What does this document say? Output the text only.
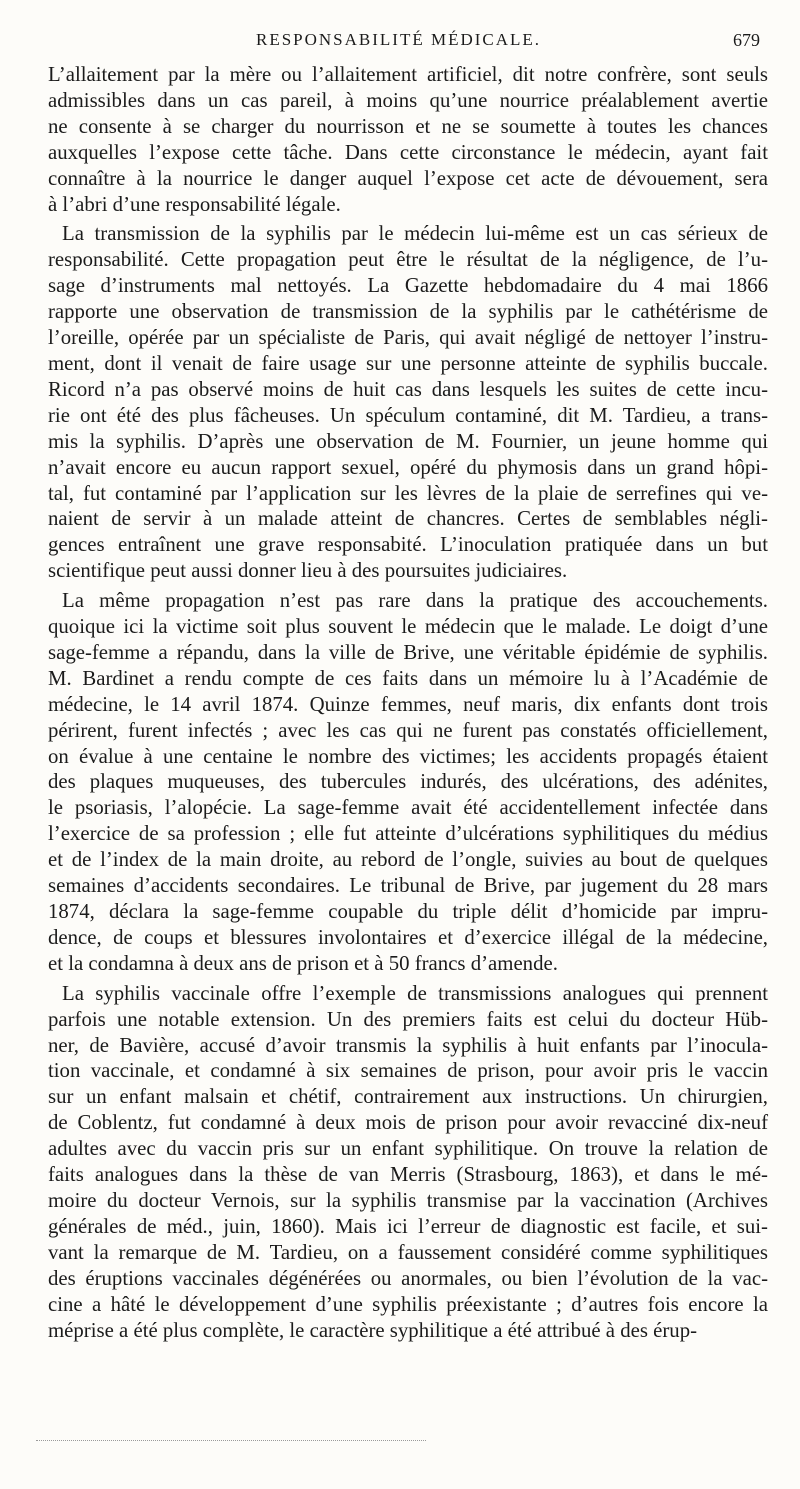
RESPONSABILITÉ MÉDICALE.	679
L’allaitement par la mère ou l’allaitement artificiel, dit notre confrère, sont seuls
admissibles dans un cas pareil, à moins qu’une nourrice préalablement avertie
ne consente à se charger du nourrisson et ne se soumette à toutes les chances
auxquelles l’expose cette tâche. Dans cette circonstance le médecin, ayant fait
connaître à la nourrice le danger auquel l’expose cet acte de dévouement, sera
à l’abri d’une responsabilité légale.
La transmission de la syphilis par le médecin lui-même est un cas sérieux de
responsabilité. Cette propagation peut être le résultat de la négligence, de l’u-
sage d’instruments mal nettoyés. La Gazette hebdomadaire du 4 mai 1866
rapporte une observation de transmission de la syphilis par le cathétérisme de
l’oreille, opérée par un spécialiste de Paris, qui avait négligé de nettoyer l’instru-
ment, dont il venait de faire usage sur une personne atteinte de syphilis buccale.
Ricord n’a pas observé moins de huit cas dans lesquels les suites de cette incu-
rie ont été des plus fâcheuses. Un spéculum contaminé, dit M. Tardieu, a trans-
mis la syphilis. D’après une observation de M. Fournier, un jeune homme qui
n’avait encore eu aucun rapport sexuel, opéré du phymosis dans un grand hôpi-
tal, fut contaminé par l’application sur les lèvres de la plaie de serrefines qui ve-
naient de servir à un malade atteint de chancres. Certes de semblables négli-
gences entraînent une grave responsabité. L’inoculation pratiquée dans un but
scientifique peut aussi donner lieu à des poursuites judiciaires.
La même propagation n’est pas rare dans la pratique des accouchements.
quoique ici la victime soit plus souvent le médecin que le malade. Le doigt d’une
sage-femme a répandu, dans la ville de Brive, une véritable épidémie de syphilis.
M. Bardinet a rendu compte de ces faits dans un mémoire lu à l’Académie de
médecine, le 14 avril 1874. Quinze femmes, neuf maris, dix enfants dont trois
périrent, furent infectés ; avec les cas qui ne furent pas constatés officiellement,
on évalue à une centaine le nombre des victimes; les accidents propagés étaient
des plaques muqueuses, des tubercules indurés, des ulcérations, des adénites,
le psoriasis, l’alopécie. La sage-femme avait été accidentellement infectée dans
l’exercice de sa profession ; elle fut atteinte d’ulcérations syphilitiques du médius
et de l’index de la main droite, au rebord de l’ongle, suivies au bout de quelques
semaines d’accidents secondaires. Le tribunal de Brive, par jugement du 28 mars
1874, déclara la sage-femme coupable du triple délit d’homicide par impru-
dence, de coups et blessures involontaires et d’exercice illégal de la médecine,
et la condamna à deux ans de prison et à 50 francs d’amende.
La syphilis vaccinale offre l’exemple de transmissions analogues qui prennent
parfois une notable extension. Un des premiers faits est celui du docteur Hüb-
ner, de Bavière, accusé d’avoir transmis la syphilis à huit enfants par l’inocula-
tion vaccinale, et condamné à six semaines de prison, pour avoir pris le vaccin
sur un enfant malsain et chétif, contrairement aux instructions. Un chirurgien,
de Coblentz, fut condamné à deux mois de prison pour avoir revacciné dix-neuf
adultes avec du vaccin pris sur un enfant syphilitique. On trouve la relation de
faits analogues dans la thèse de van Merris (Strasbourg, 1863), et dans le mé-
moire du docteur Vernois, sur la syphilis transmise par la vaccination (Archives
générales de méd., juin, 1860). Mais ici l’erreur de diagnostic est facile, et sui-
vant la remarque de M. Tardieu, on a faussement considéré comme syphilitiques
des éruptions vaccinales dégénérées ou anormales, ou bien l’évolution de la vac-
cine a hâté le développement d’une syphilis préexistante ; d’autres fois encore la
méprise a été plus complète, le caractère syphilitique a été attribué à des érup-
